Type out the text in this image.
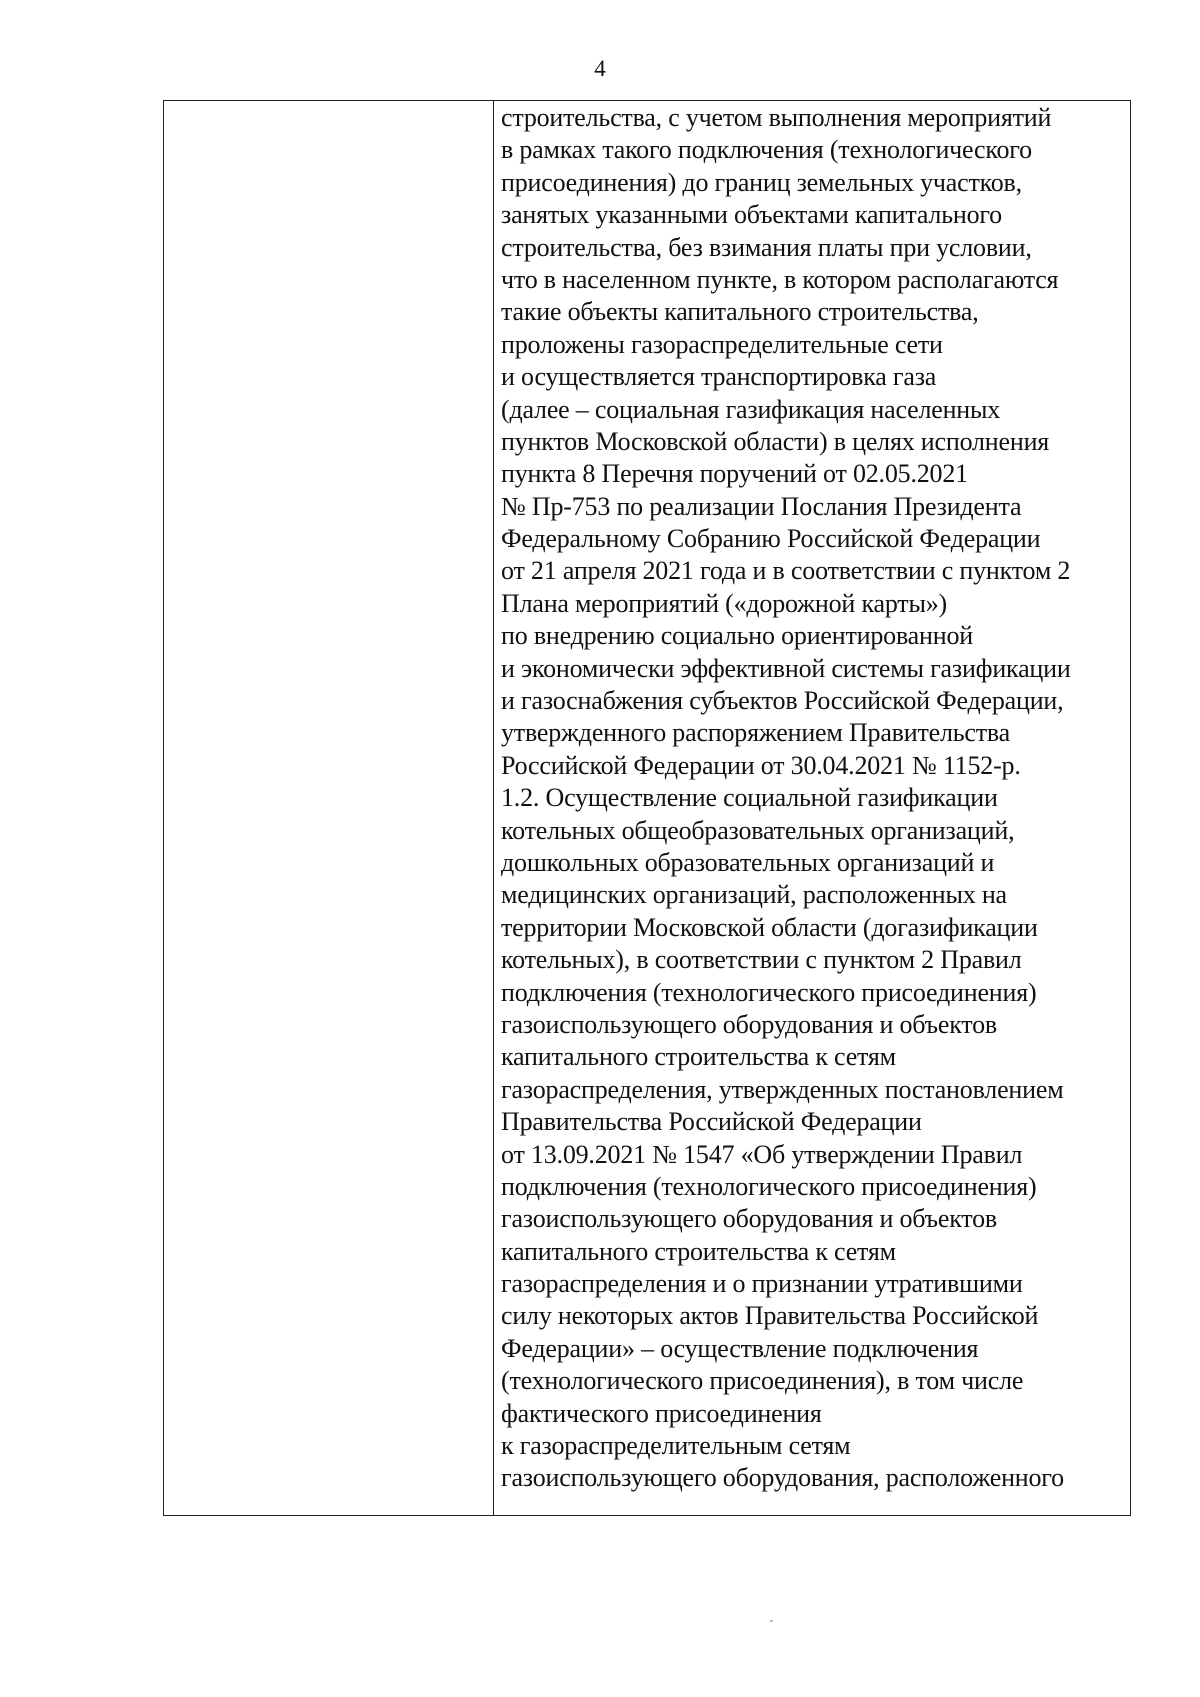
4
строительства, с учетом выполнения мероприятий
в рамках такого подключения (технологического
присоединения) до границ земельных участков,
занятых указанными объектами капитального
строительства, без взимания платы при условии,
что в населенном пункте, в котором располагаются
такие объекты капитального строительства,
проложены газораспределительные сети
и осуществляется транспортировка газа
(далее – социальная газификация населенных
пунктов Московской области) в целях исполнения
пункта 8 Перечня поручений от 02.05.2021
№ Пр-753 по реализации Послания Президента
Федеральному Собранию Российской Федерации
от 21 апреля 2021 года и в соответствии с пунктом 2
Плана мероприятий («дорожной карты»)
по внедрению социально ориентированной
и экономически эффективной системы газификации
и газоснабжения субъектов Российской Федерации,
утвержденного распоряжением Правительства
Российской Федерации от 30.04.2021 № 1152-р.
1.2. Осуществление социальной газификации
котельных общеобразовательных организаций,
дошкольных образовательных организаций и
медицинских организаций, расположенных на
территории Московской области (догазификации
котельных), в соответствии с пунктом 2 Правил
подключения (технологического присоединения)
газоиспользующего оборудования и объектов
капитального строительства к сетям
газораспределения, утвержденных постановлением
Правительства Российской Федерации
от 13.09.2021 № 1547 «Об утверждении Правил
подключения (технологического присоединения)
газоиспользующего оборудования и объектов
капитального строительства к сетям
газораспределения и о признании утратившими
силу некоторых актов Правительства Российской
Федерации» – осуществление подключения
(технологического присоединения), в том числе
фактического присоединения
к газораспределительным сетям
газоиспользующего оборудования, расположенного
